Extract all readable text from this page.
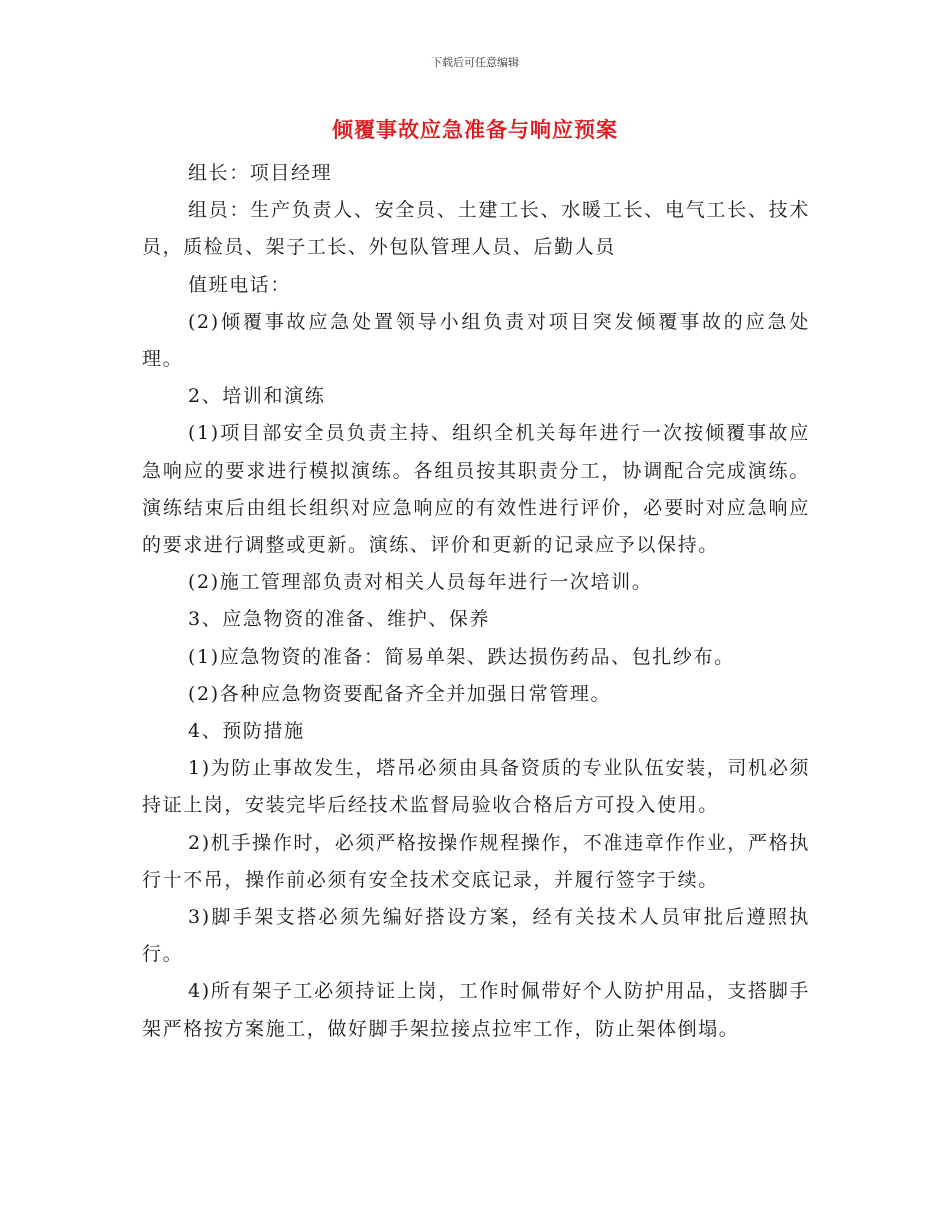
下载后可任意编辑
倾覆事故应急准备与响应预案

组长：项目经理

组员：生产负责人、安全员、土建工长、水暖工长、电气工长、技术员，质检员、架子工长、外包队管理人员、后勤人员

值班电话：

(2)倾覆事故应急处置领导小组负责对项目突发倾覆事故的应急处理。

2、培训和演练

(1)项目部安全员负责主持、组织全机关每年进行一次按倾覆事故应急响应的要求进行模拟演练。各组员按其职责分工，协调配合完成演练。演练结束后由组长组织对应急响应的有效性进行评价，必要时对应急响应的要求进行调整或更新。演练、评价和更新的记录应予以保持。

(2)施工管理部负责对相关人员每年进行一次培训。

3、应急物资的准备、维护、保养

(1)应急物资的准备：简易单架、跌达损伤药品、包扎纱布。

(2)各种应急物资要配备齐全并加强日常管理。

4、预防措施

1)为防止事故发生，塔吊必须由具备资质的专业队伍安装，司机必须持证上岗，安装完毕后经技术监督局验收合格后方可投入使用。

2)机手操作时，必须严格按操作规程操作，不准违章作作业，严格执行十不吊，操作前必须有安全技术交底记录，并履行签字于续。

3)脚手架支搭必须先编好搭设方案，经有关技术人员审批后遵照执行。

4)所有架子工必须持证上岗，工作时佩带好个人防护用品，支搭脚手架严格按方案施工，做好脚手架拉接点拉牢工作，防止架体倒塌。
